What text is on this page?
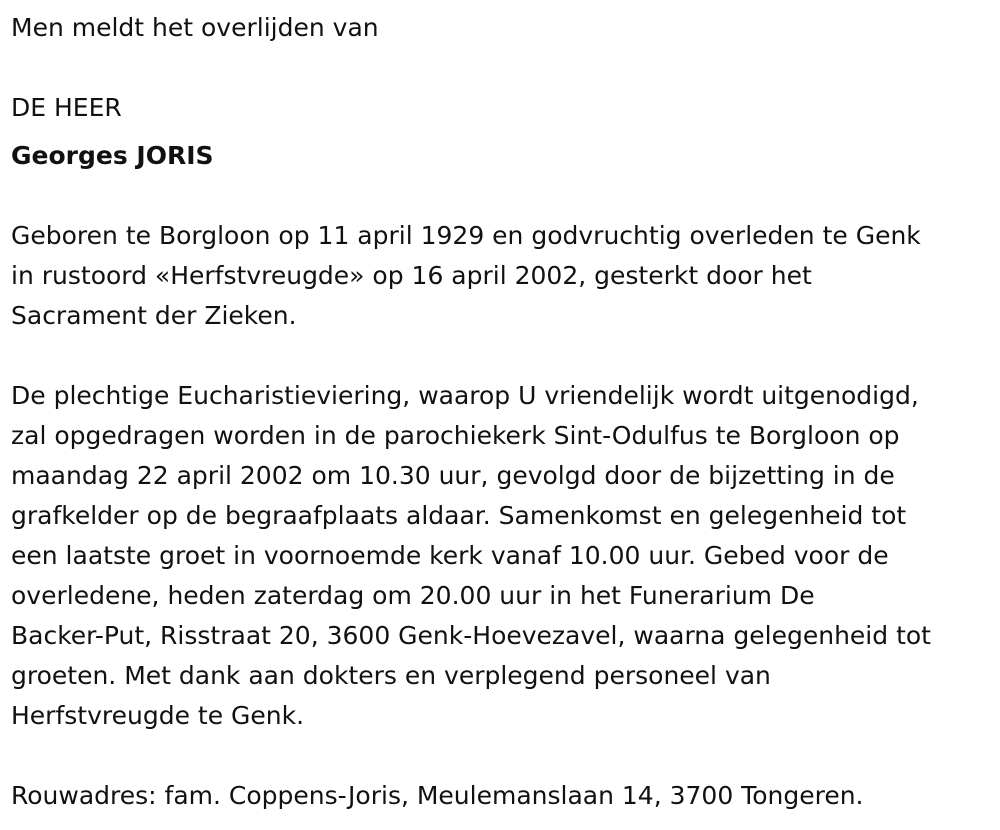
Men meldt het overlijden van
DE HEER
Georges JORIS
Geboren te Borgloon op 11 april 1929 en godvruchtig overleden te Genk
in rustoord «Herfstvreugde» op 16 april 2002, gesterkt door het
Sacrament der Zieken.
De plechtige Eucharistieviering, waarop U vriendelijk wordt uitgenodigd,
zal opgedragen worden in de parochiekerk Sint-Odulfus te Borgloon op
maandag 22 april 2002 om 10.30 uur, gevolgd door de bijzetting in de
grafkelder op de begraafplaats aldaar. Samenkomst en gelegenheid tot
een laatste groet in voornoemde kerk vanaf 10.00 uur. Gebed voor de
overledene, heden zaterdag om 20.00 uur in het Funerarium De
Backer-Put, Risstraat 20, 3600 Genk-Hoevezavel, waarna gelegenheid tot
groeten. Met dank aan dokters en verplegend personeel van
Herfstvreugde te Genk.
Rouwadres: fam. Coppens-Joris, Meulemanslaan 14, 3700 Tongeren.
